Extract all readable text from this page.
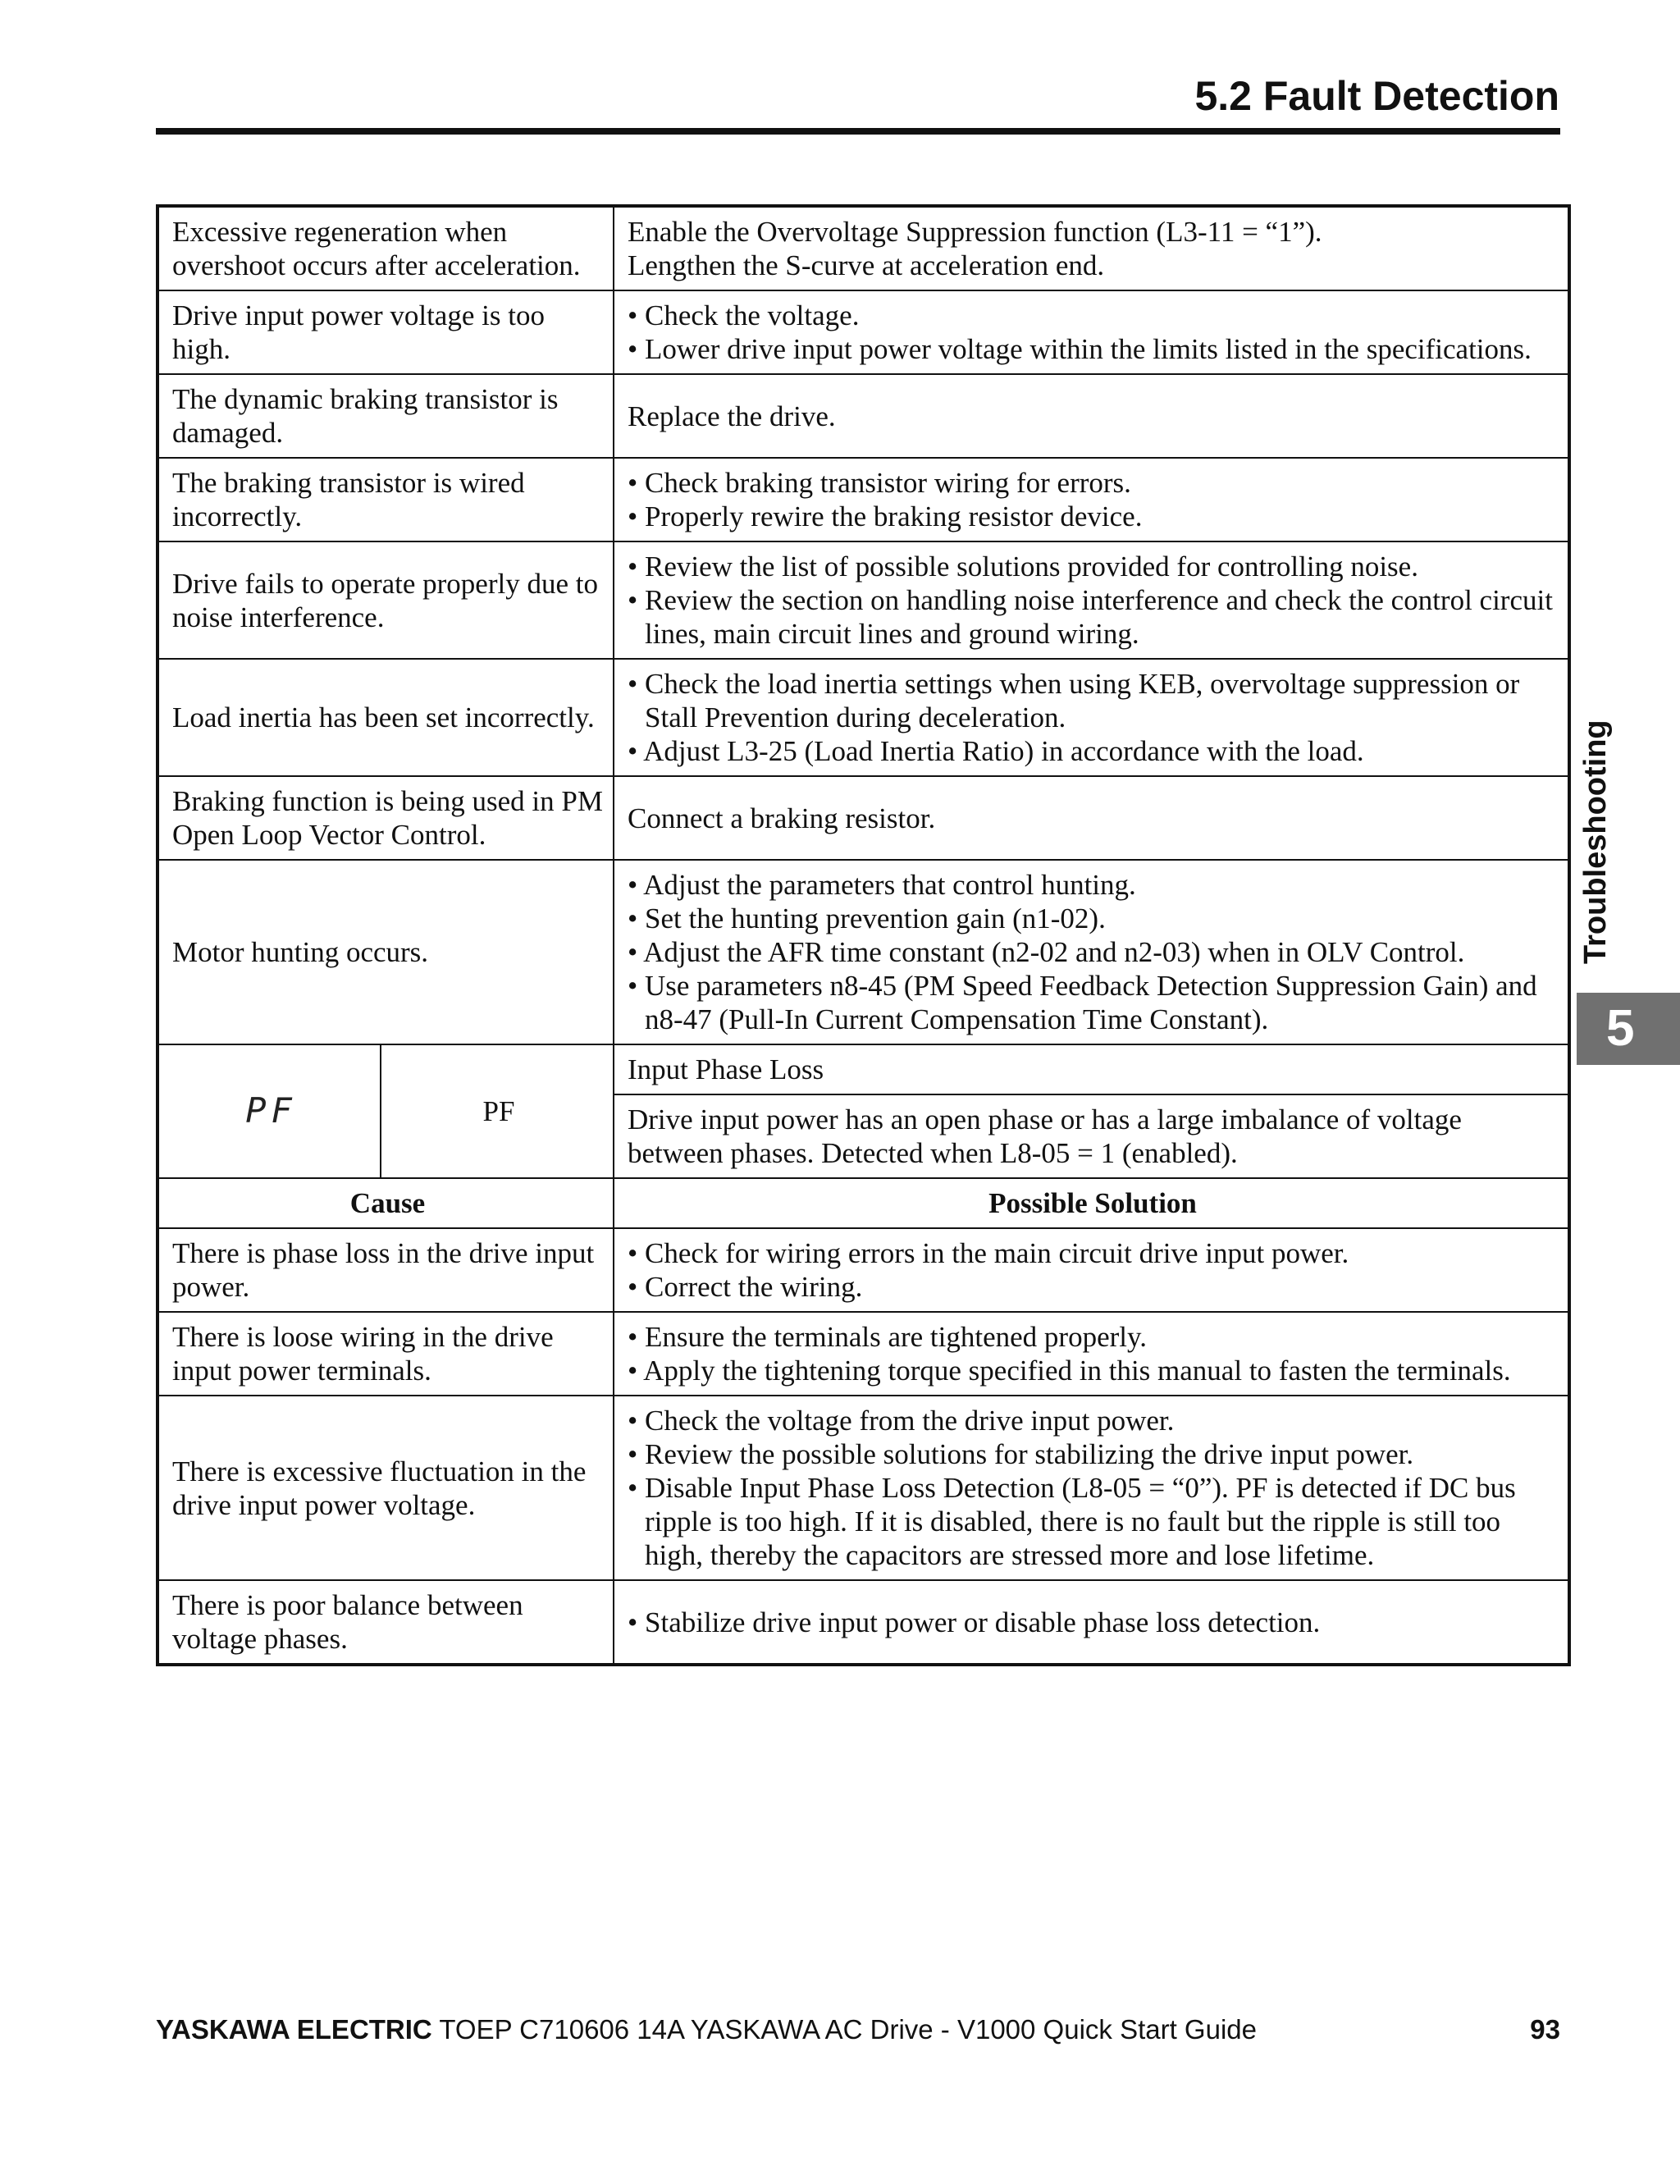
5.2 Fault Detection
Excessive regeneration when overshoot occurs after acceleration.		Enable the Overvoltage Suppression function (L3-11 = “1”).
Lengthen the S-curve at acceleration end.

Drive input power voltage is too high.		• Check the voltage.
• Lower drive input power voltage within the limits listed in the specifications.

The dynamic braking transistor is damaged.		Replace the drive.

The braking transistor is wired incorrectly.		• Check braking transistor wiring for errors.
• Properly rewire the braking resistor device.

Drive fails to operate properly due to noise interference.		• Review the list of possible solutions provided for controlling noise.
• Review the section on handling noise interference and check the control circuit lines, main circuit lines and ground wiring.

Load inertia has been set incorrectly.		• Check the load inertia settings when using KEB, overvoltage suppression or Stall Prevention during deceleration.
• Adjust L3-25 (Load Inertia Ratio) in accordance with the load.

Braking function is being used in PM Open Loop Vector Control.		Connect a braking resistor.

Motor hunting occurs.		• Adjust the parameters that control hunting.
• Set the hunting prevention gain (n1-02).
• Adjust the AFR time constant (n2-02 and n2-03) when in OLV Control.
• Use parameters n8-45 (PM Speed Feedback Detection Suppression Gain) and n8-47 (Pull-In Current Compensation Time Constant).

PF	PF	Input Phase Loss
		Drive input power has an open phase or has a large imbalance of voltage between phases. Detected when L8-05 = 1 (enabled).
Cause		Possible Solution
There is phase loss in the drive input power.		• Check for wiring errors in the main circuit drive input power.
• Correct the wiring.

There is loose wiring in the drive input power terminals.		• Ensure the terminals are tightened properly.
• Apply the tightening torque specified in this manual to fasten the terminals.

There is excessive fluctuation in the drive input power voltage.		• Check the voltage from the drive input power.
• Review the possible solutions for stabilizing the drive input power.
• Disable Input Phase Loss Detection (L8-05 = “0”). PF is detected if DC bus ripple is too high. If it is disabled, there is no fault but the ripple is still too high, thereby the capacitors are stressed more and lose lifetime.

There is poor balance between voltage phases.		• Stabilize drive input power or disable phase loss detection.
Troubleshooting
5
YASKAWA ELECTRIC TOEP C710606 14A YASKAWA AC Drive - V1000 Quick Start Guide	93
